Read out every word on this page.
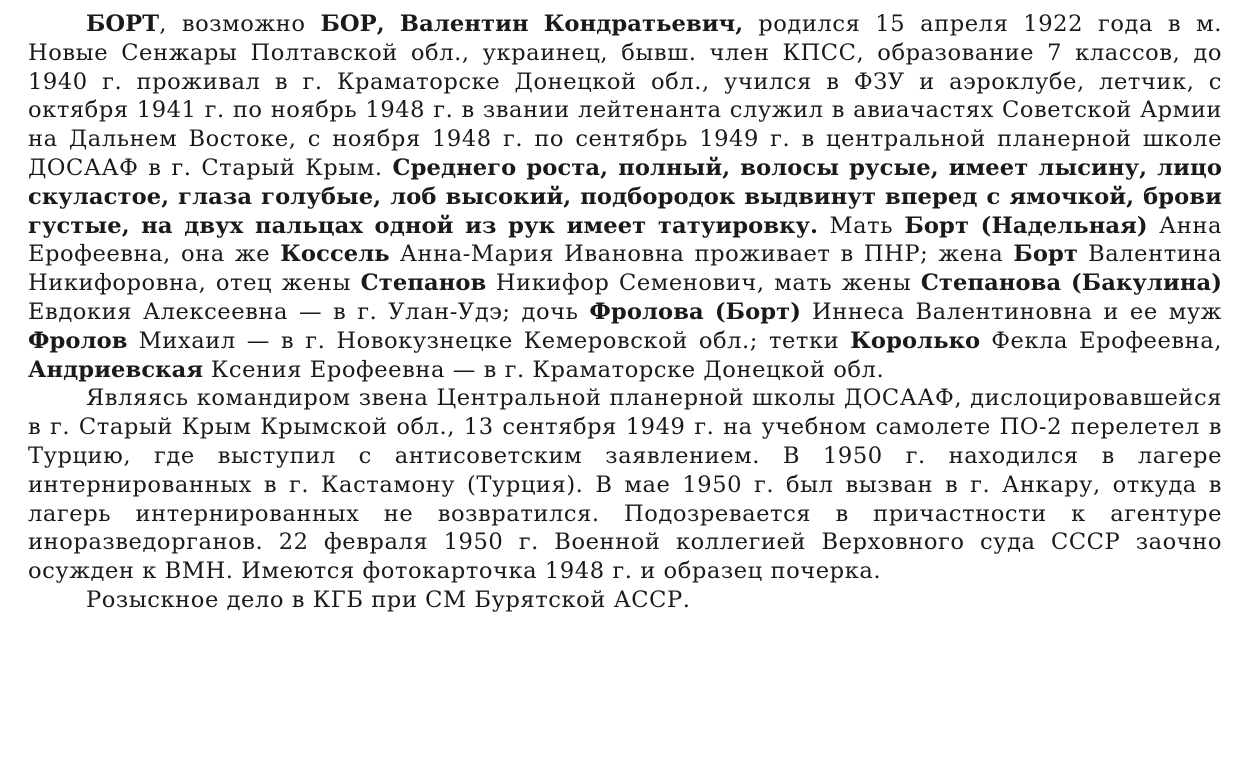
БОРТ, возможно БОР, Валентин Кондратьевич, родился 15 апреля 1922 года в м. Новые Сенжары Полтавской обл., украинец, бывш. член КПСС, образование 7 классов, до 1940 г. проживал в г. Краматорске Донецкой обл., учился в ФЗУ и аэроклубе, летчик, с октября 1941 г. по ноябрь 1948 г. в звании лейтенанта служил в авиачастях Советской Армии на Дальнем Востоке, с ноября 1948 г. по сентябрь 1949 г. в центральной планерной школе ДОСААФ в г. Старый Крым. Среднего роста, полный, волосы русые, имеет лысину, лицо скуластое, глаза голубые, лоб высокий, подбородок выдвинут вперед с ямочкой, брови густые, на двух пальцах одной из рук имеет татуировку. Мать Борт (Надельная) Анна Ерофеевна, она же Коссель Анна-Мария Ивановна проживает в ПНР; жена Борт Валентина Никифоровна, отец жены Степанов Никифор Семенович, мать жены Степанова (Бакулина) Евдокия Алексеевна — в г. Улан-Удэ; дочь Фролова (Борт) Иннеса Валентиновна и ее муж Фролов Михаил — в г. Новокузнецке Кемеровской обл.; тетки Королько Фекла Ерофеевна, Андриевская Ксения Ерофеевна — в г. Краматорске Донецкой обл.

Являясь командиром звена Центральной планерной школы ДОСААФ, дислоцировавшейся в г. Старый Крым Крымской обл., 13 сентября 1949 г. на учебном самолете ПО-2 перелетел в Турцию, где выступил с антисоветским заявлением. В 1950 г. находился в лагере интернированных в г. Кастамону (Турция). В мае 1950 г. был вызван в г. Анкару, откуда в лагерь интернированных не возвратился. Подозревается в причастности к агентуре иноразведорганов. 22 февраля 1950 г. Военной коллегией Верховного суда СССР заочно осужден к ВМН. Имеются фотокарточка 1948 г. и образец почерка.

Розыскное дело в КГБ при СМ Бурятской АССР.
